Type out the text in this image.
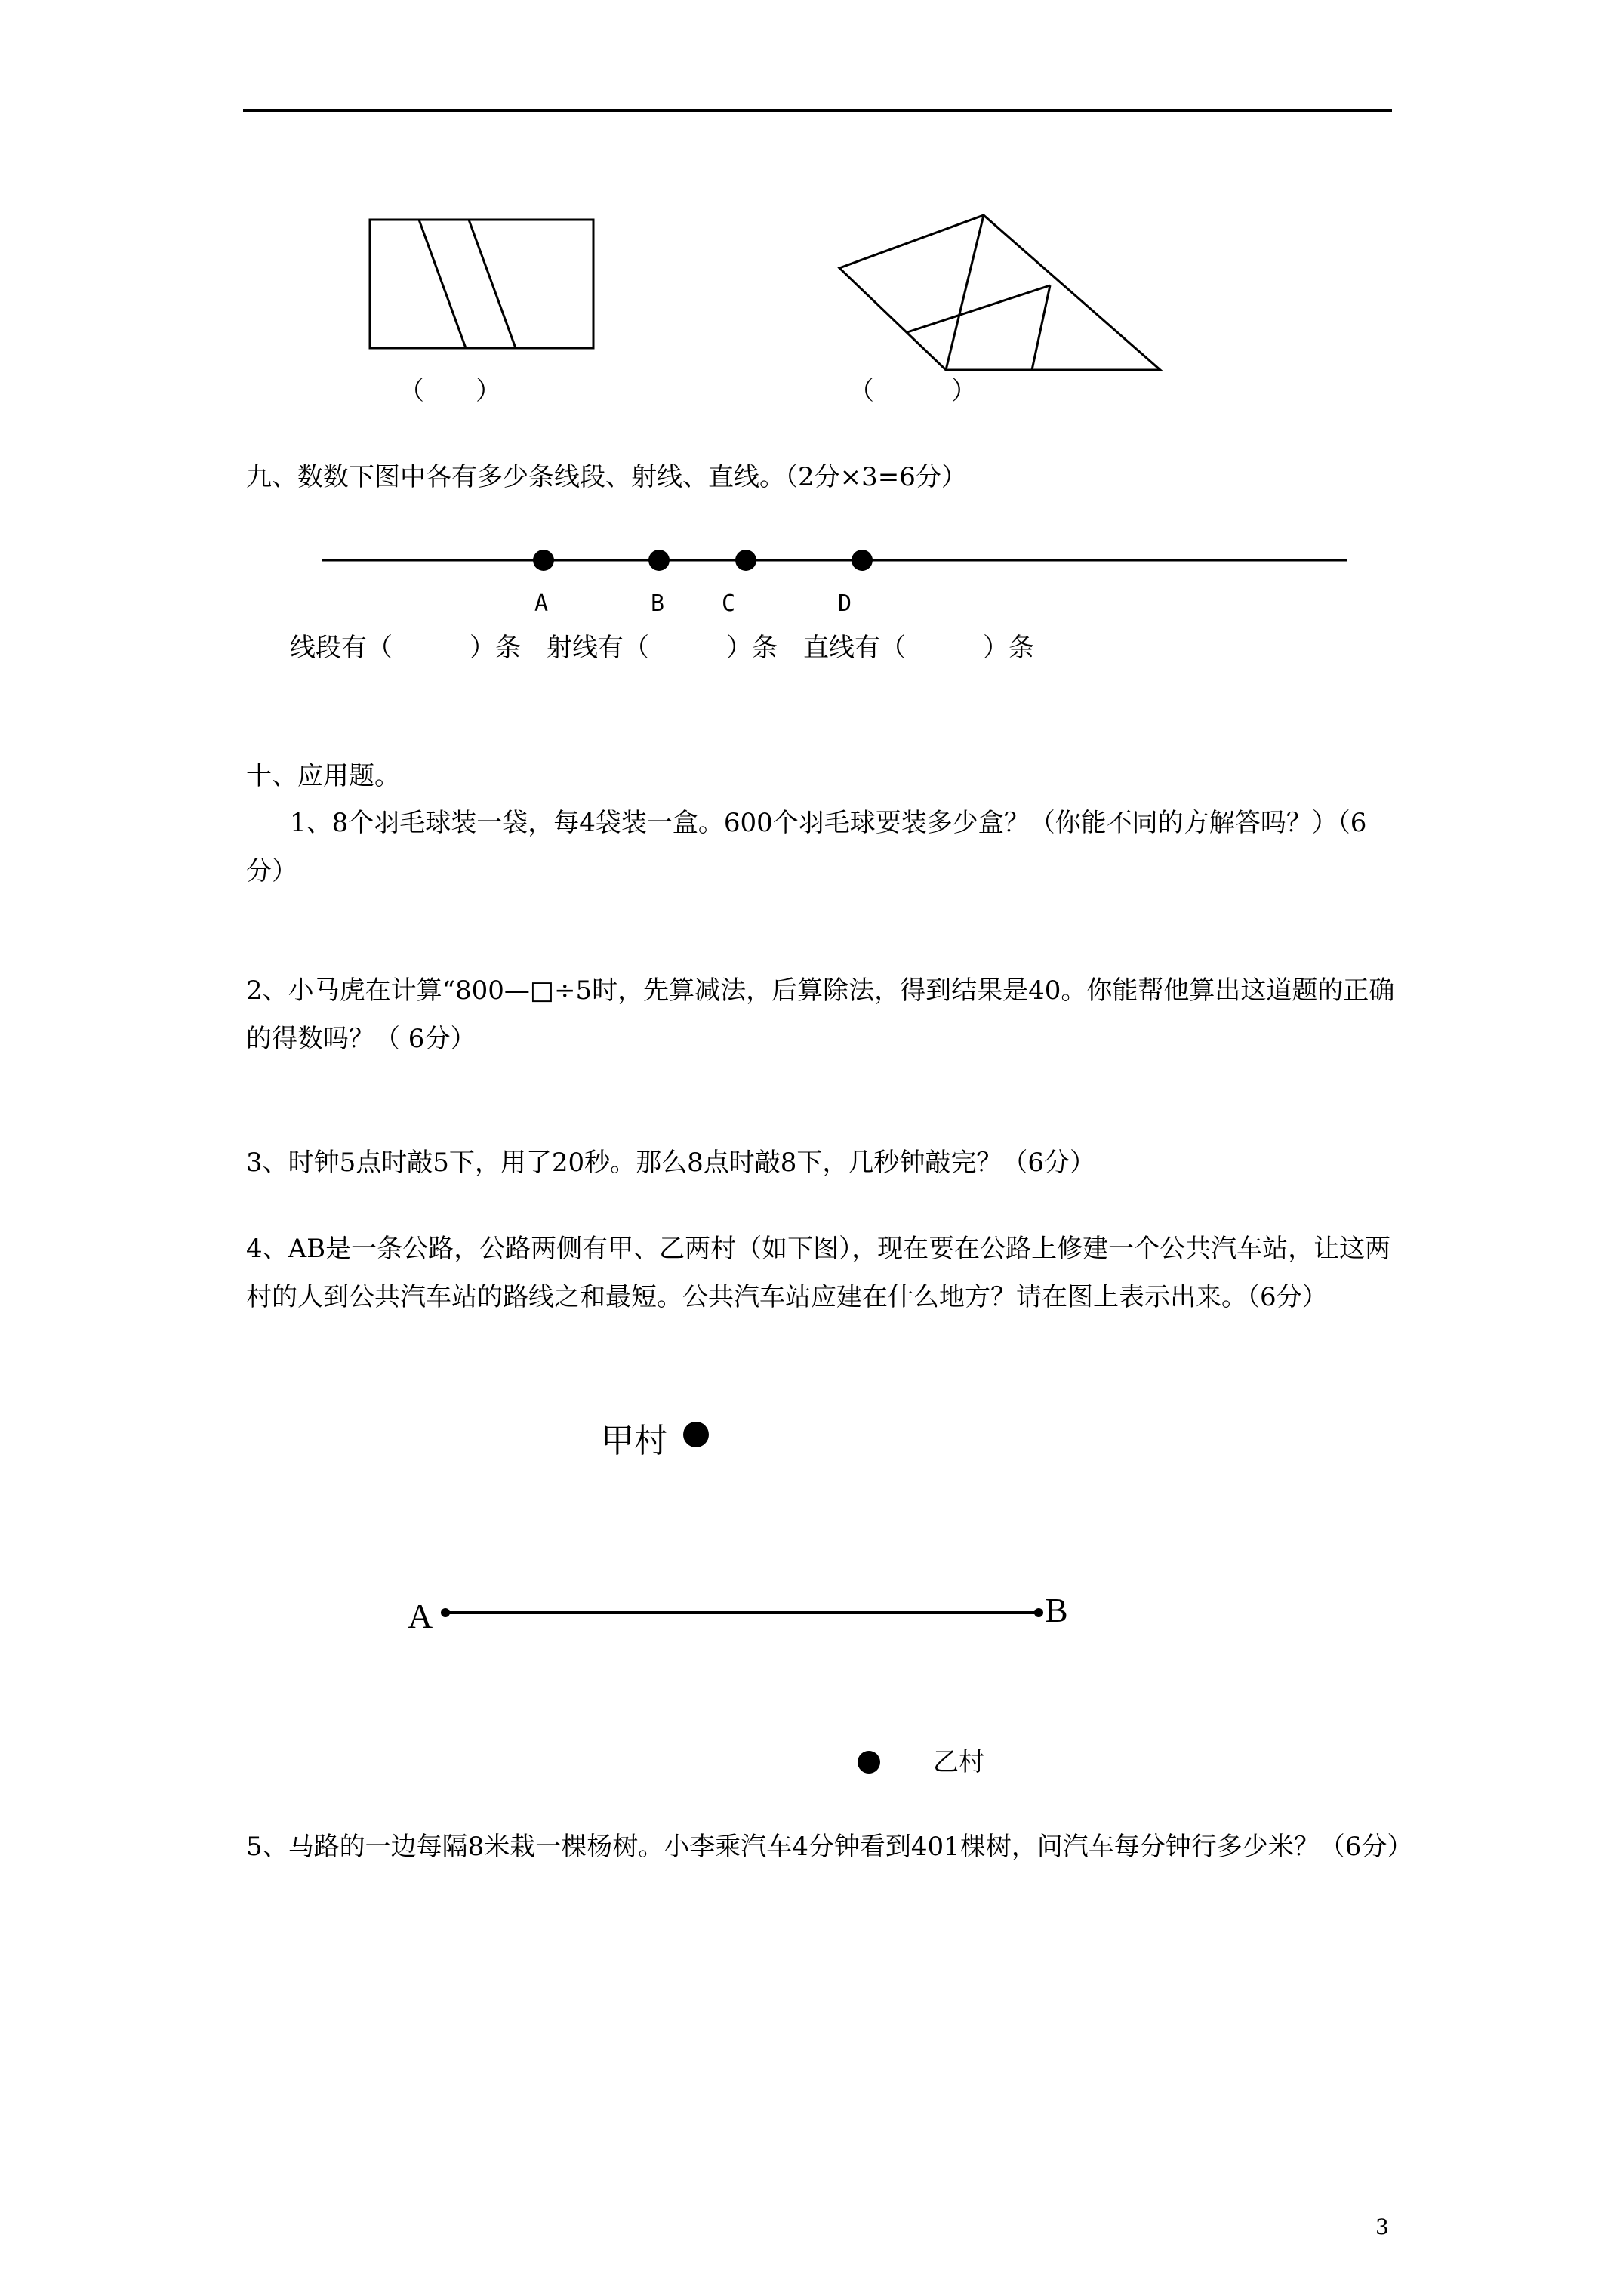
（　　）	（　　　）
九、数数下图中各有多少条线段、射线、直线。（2分×3=6分）
A	B	C	D
线段有（　　　）条　射线有（　　　）条　直线有（　　　）条
十、应用题。
1、8个羽毛球装一袋，每4袋装一盒。600个羽毛球要装多少盒？（你能不同的方解答吗？）（6分）
2、小马虎在计算“800—□÷5时，先算减法，后算除法，得到结果是40。你能帮他算出这道题的正确的得数吗？（ 6分）
3、时钟5点时敲5下，用了20秒。那么8点时敲8下，几秒钟敲完？（6分）
4、AB是一条公路，公路两侧有甲、乙两村（如下图），现在要在公路上修建一个公共汽车站，让这两村的人到公共汽车站的路线之和最短。公共汽车站应建在什么地方？请在图上表示出来。（6分）
甲村
A	B
乙村
5、马路的一边每隔8米栽一棵杨树。小李乘汽车4分钟看到401棵树，问汽车每分钟行多少米？（6分）
3
